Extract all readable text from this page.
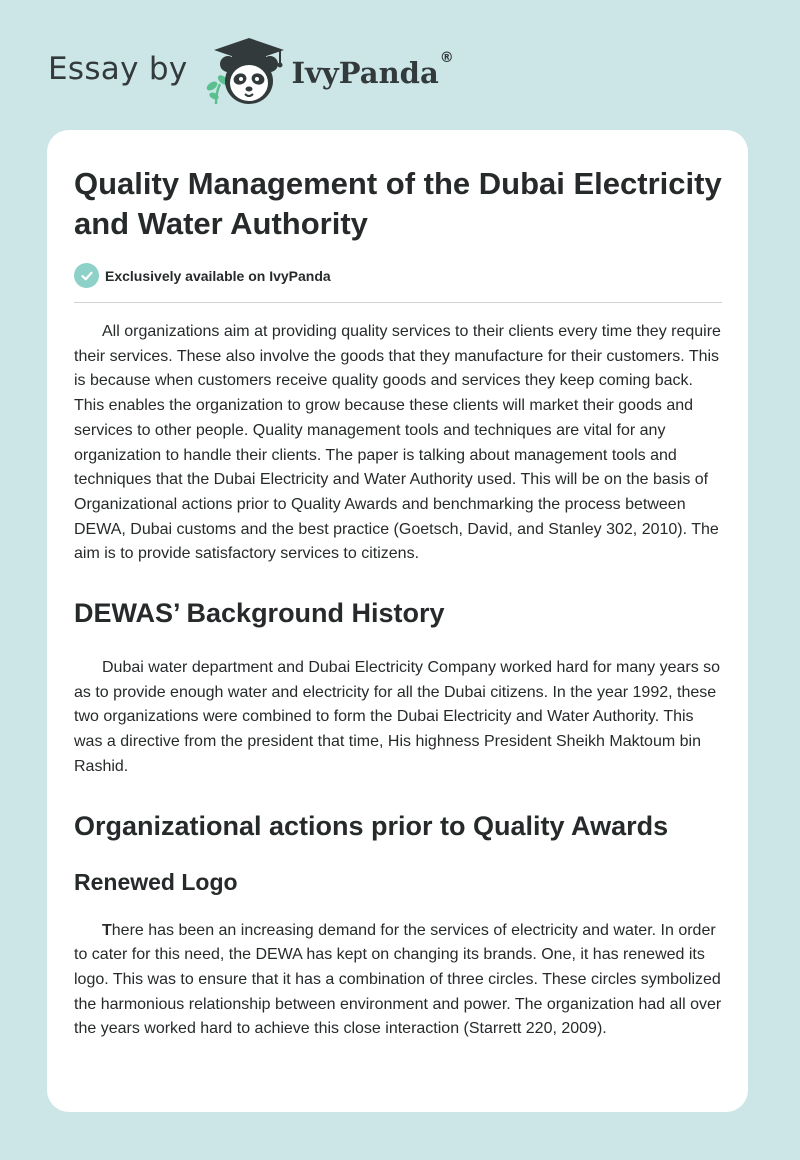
Essay by	IvyPanda®
Quality Management of the Dubai Electricity and Water Authority
Exclusively available on IvyPanda

All organizations aim at providing quality services to their clients every time they require their services. These also involve the goods that they manufacture for their customers. This is because when customers receive quality goods and services they keep coming back. This enables the organization to grow because these clients will market their goods and services to other people. Quality management tools and techniques are vital for any organization to handle their clients. The paper is talking about management tools and techniques that the Dubai Electricity and Water Authority used. This will be on the basis of Organizational actions prior to Quality Awards and benchmarking the process between DEWA, Dubai customs and the best practice (Goetsch, David, and Stanley 302, 2010). The aim is to provide satisfactory services to citizens.

DEWAS’ Background History

Dubai water department and Dubai Electricity Company worked hard for many years so as to provide enough water and electricity for all the Dubai citizens. In the year 1992, these two organizations were combined to form the Dubai Electricity and Water Authority. This was a directive from the president that time, His highness President Sheikh Maktoum bin Rashid.

Organizational actions prior to Quality Awards
Renewed Logo

There has been an increasing demand for the services of electricity and water. In order to cater for this need, the DEWA has kept on changing its brands. One, it has renewed its logo. This was to ensure that it has a combination of three circles. These circles symbolized the harmonious relationship between environment and power. The organization had all over the years worked hard to achieve this close interaction (Starrett 220, 2009).
